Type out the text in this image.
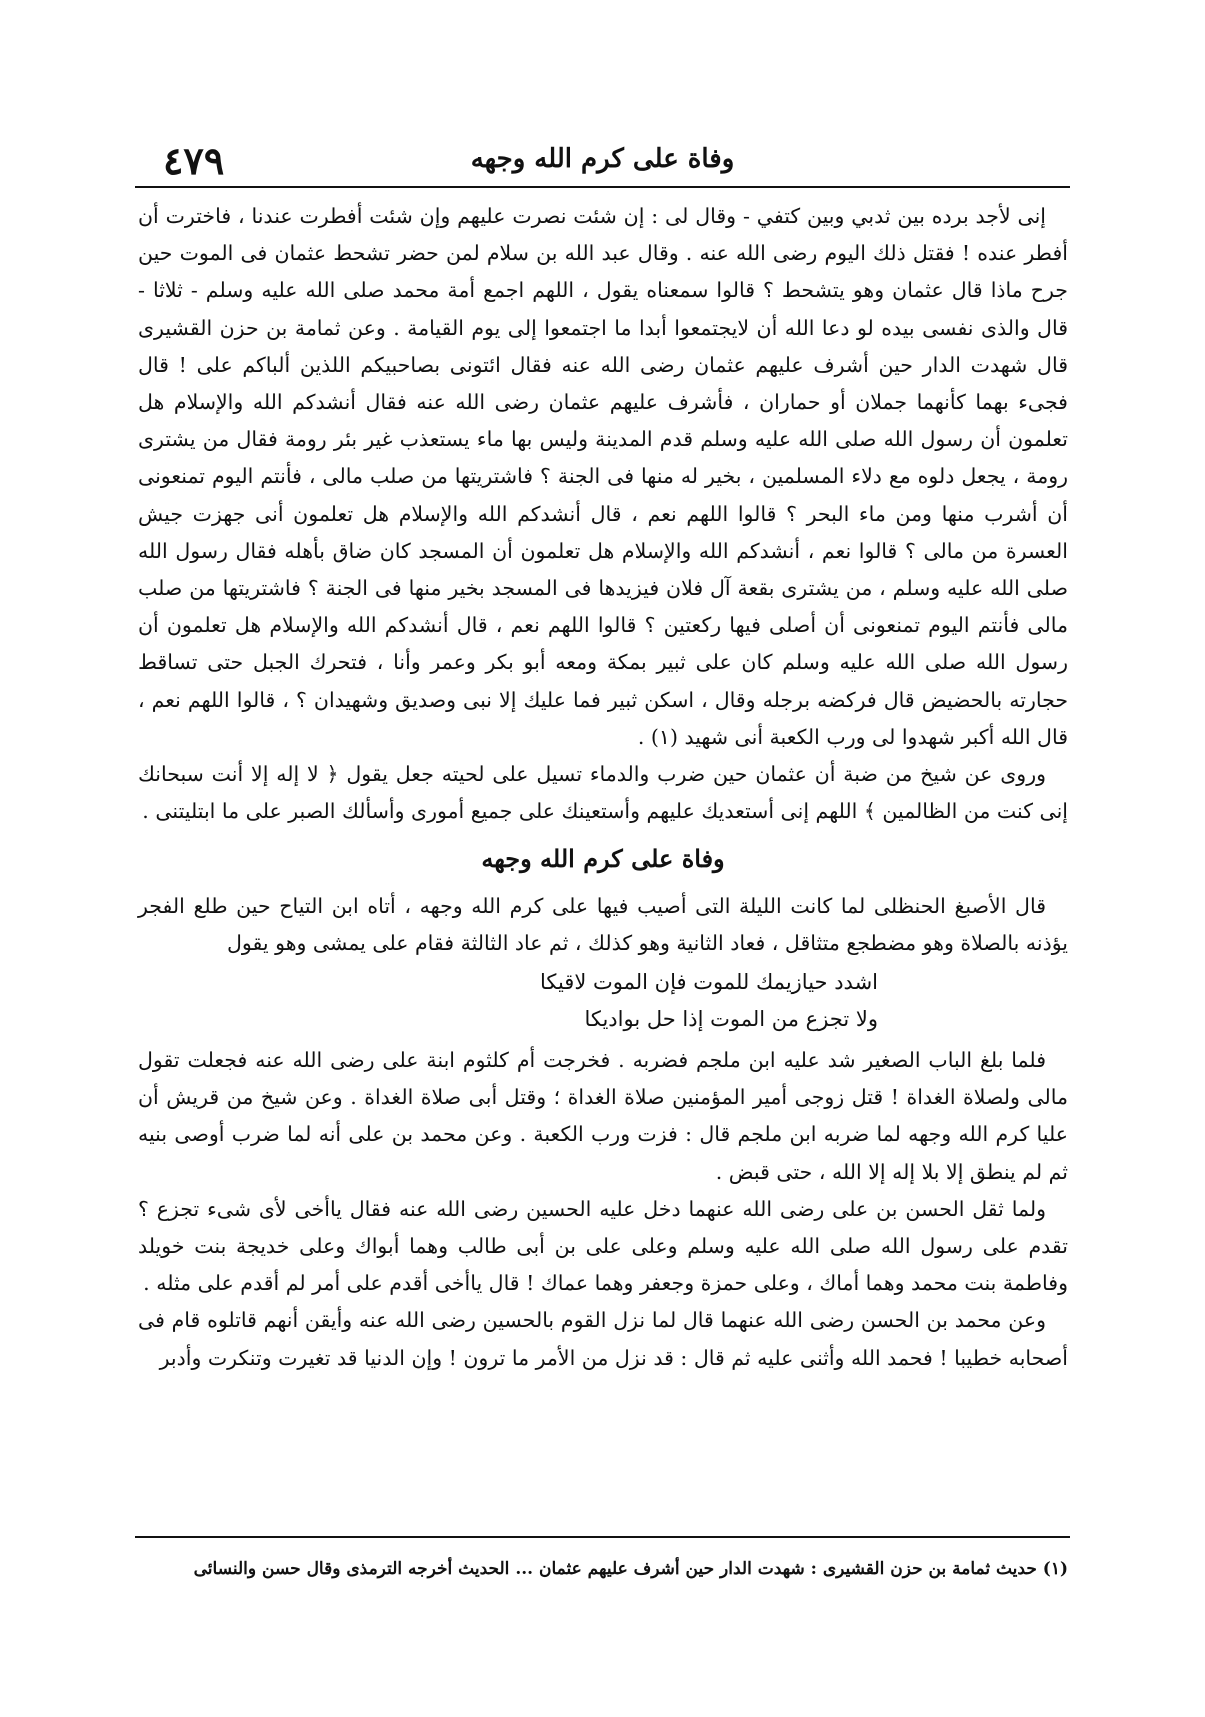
وفاة على كرم الله وجهه
٤٧٩

إنى لأجد برده بين ثدبي وبين كتفي - وقال لى : إن شئت نصرت عليهم وإن شئت أفطرت عندنا ، فاخترت أن أفطر عنده ! فقتل ذلك اليوم رضى الله عنه . وقال عبد الله بن سلام لمن حضر تشحط عثمان فى الموت حين جرح ماذا قال عثمان وهو يتشحط ؟ قالوا سمعناه يقول ، اللهم اجمع أمة محمد صلى الله عليه وسلم - ثلاثا - قال والذى نفسى بيده لو دعا الله أن لايجتمعوا أبدا ما اجتمعوا إلى يوم القيامة . وعن ثمامة بن حزن القشيرى قال شهدت الدار حين أشرف عليهم عثمان رضى الله عنه فقال ائتونى بصاحبيكم اللذين ألباكم على ! قال فجىء بهما كأنهما جملان أو حماران ، فأشرف عليهم عثمان رضى الله عنه فقال أنشدكم الله والإسلام هل تعلمون أن رسول الله صلى الله عليه وسلم قدم المدينة وليس بها ماء يستعذب غير بئر رومة فقال من يشترى رومة ، يجعل دلوه مع دلاء المسلمين ، بخير له منها فى الجنة ؟ فاشتريتها من صلب مالى ، فأنتم اليوم تمنعونى أن أشرب منها ومن ماء البحر ؟ قالوا اللهم نعم ، قال أنشدكم الله والإسلام هل تعلمون أنى جهزت جيش العسرة من مالى ؟ قالوا نعم ، أنشدكم الله والإسلام هل تعلمون أن المسجد كان ضاق بأهله فقال رسول الله صلى الله عليه وسلم ، من يشترى بقعة آل فلان فيزيدها فى المسجد بخير منها فى الجنة ؟ فاشتريتها من صلب مالى فأنتم اليوم تمنعونى أن أصلى فيها ركعتين ؟ قالوا اللهم نعم ، قال أنشدكم الله والإسلام هل تعلمون أن رسول الله صلى الله عليه وسلم كان على ثبير بمكة ومعه أبو بكر وعمر وأنا ، فتحرك الجبل حتى تساقط حجارته بالحضيض قال فركضه برجله وقال ، اسكن ثبير فما عليك إلا نبى وصديق وشهيدان ؟ ، قالوا اللهم نعم ، قال الله أكبر شهدوا لى ورب الكعبة أنى شهيد (١) .

وروى عن شيخ من ضبة أن عثمان حين ضرب والدماء تسيل على لحيته جعل يقول ﴿ لا إله إلا أنت سبحانك إنى كنت من الظالمين ﴾ اللهم إنى أستعديك عليهم وأستعينك على جميع أمورى وأسألك الصبر على ما ابتليتنى .

وفاة على كرم الله وجهه

قال الأصبغ الحنظلى لما كانت الليلة التى أصيب فيها على كرم الله وجهه ، أتاه ابن التياح حين طلع الفجر يؤذنه بالصلاة وهو مضطجع متثاقل ، فعاد الثانية وهو كذلك ، ثم عاد الثالثة فقام على يمشى وهو يقول

اشدد حيازيمك للموت فإن الموت لاقيكا
ولا تجزع من الموت إذا حل بواديكا

فلما بلغ الباب الصغير شد عليه ابن ملجم فضربه . فخرجت أم كلثوم ابنة على رضى الله عنه فجعلت تقول مالى ولصلاة الغداة ! قتل زوجى أمير المؤمنين صلاة الغداة ؛ وقتل أبى صلاة الغداة . وعن شيخ من قريش أن عليا كرم الله وجهه لما ضربه ابن ملجم قال : فزت ورب الكعبة . وعن محمد بن على أنه لما ضرب أوصى بنيه ثم لم ينطق إلا بلا إله إلا الله ، حتى قبض .

ولما ثقل الحسن بن على رضى الله عنهما دخل عليه الحسين رضى الله عنه فقال ياأخى لأى شىء تجزع ؟ تقدم على رسول الله صلى الله عليه وسلم وعلى على بن أبى طالب وهما أبواك وعلى خديجة بنت خويلد وفاطمة بنت محمد وهما أماك ، وعلى حمزة وجعفر وهما عماك ! قال ياأخى أقدم على أمر لم أقدم على مثله .

وعن محمد بن الحسن رضى الله عنهما قال لما نزل القوم بالحسين رضى الله عنه وأيقن أنهم قاتلوه قام فى أصحابه خطيبا ! فحمد الله وأثنى عليه ثم قال : قد نزل من الأمر ما ترون ! وإن الدنيا قد تغيرت وتنكرت وأدبر

(١) حديث ثمامة بن حزن القشيرى : شهدت الدار حين أشرف عليهم عثمان ... الحديث أخرجه الترمذى وقال حسن والنسائى
